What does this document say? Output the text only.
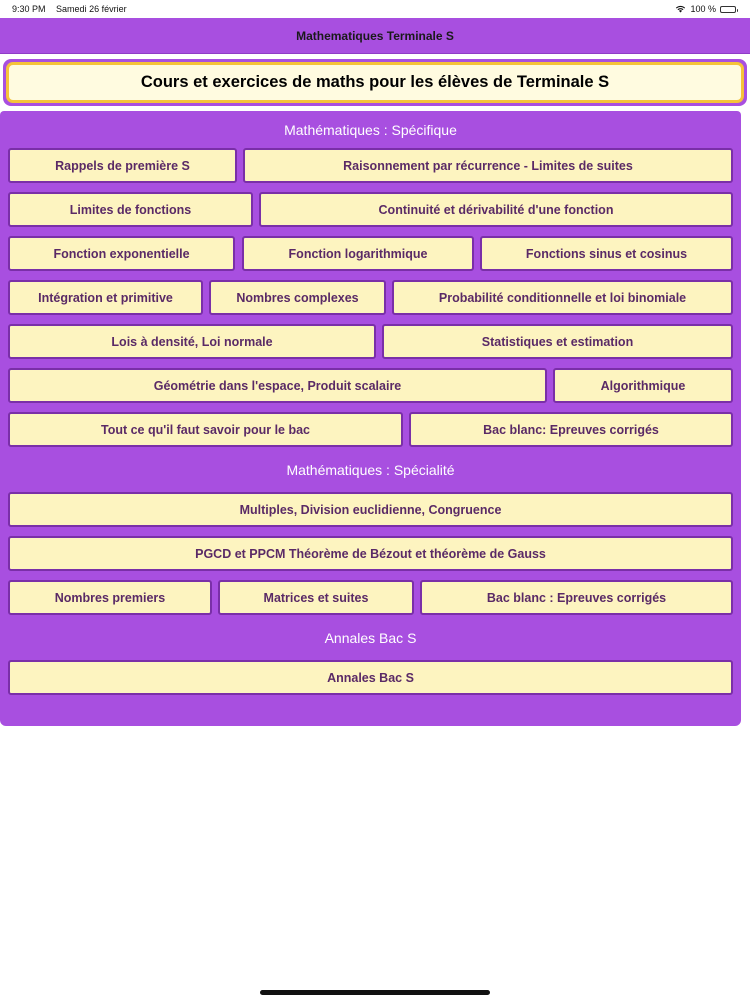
9:30 PM Samedi 26 février	100 %
Mathematiques Terminale S
Cours et exercices de maths pour les élèves de Terminale S
Mathématiques : Spécifique
Rappels de première S	Raisonnement par récurrence - Limites de suites
Limites de fonctions	Continuité et dérivabilité d'une fonction
Fonction exponentielle	Fonction logarithmique	Fonctions sinus et cosinus
Intégration et primitive	Nombres complexes	Probabilité conditionnelle et loi binomiale
Lois à densité, Loi normale	Statistiques et estimation
Géométrie dans l'espace, Produit scalaire	Algorithmique
Tout ce qu'il faut savoir pour le bac	Bac blanc: Epreuves corrigés
Mathématiques : Spécialité
Multiples, Division euclidienne, Congruence
PGCD et PPCM Théorème de Bézout et théorème de Gauss
Nombres premiers	Matrices et suites	Bac blanc : Epreuves corrigés
Annales Bac S
Annales Bac S
